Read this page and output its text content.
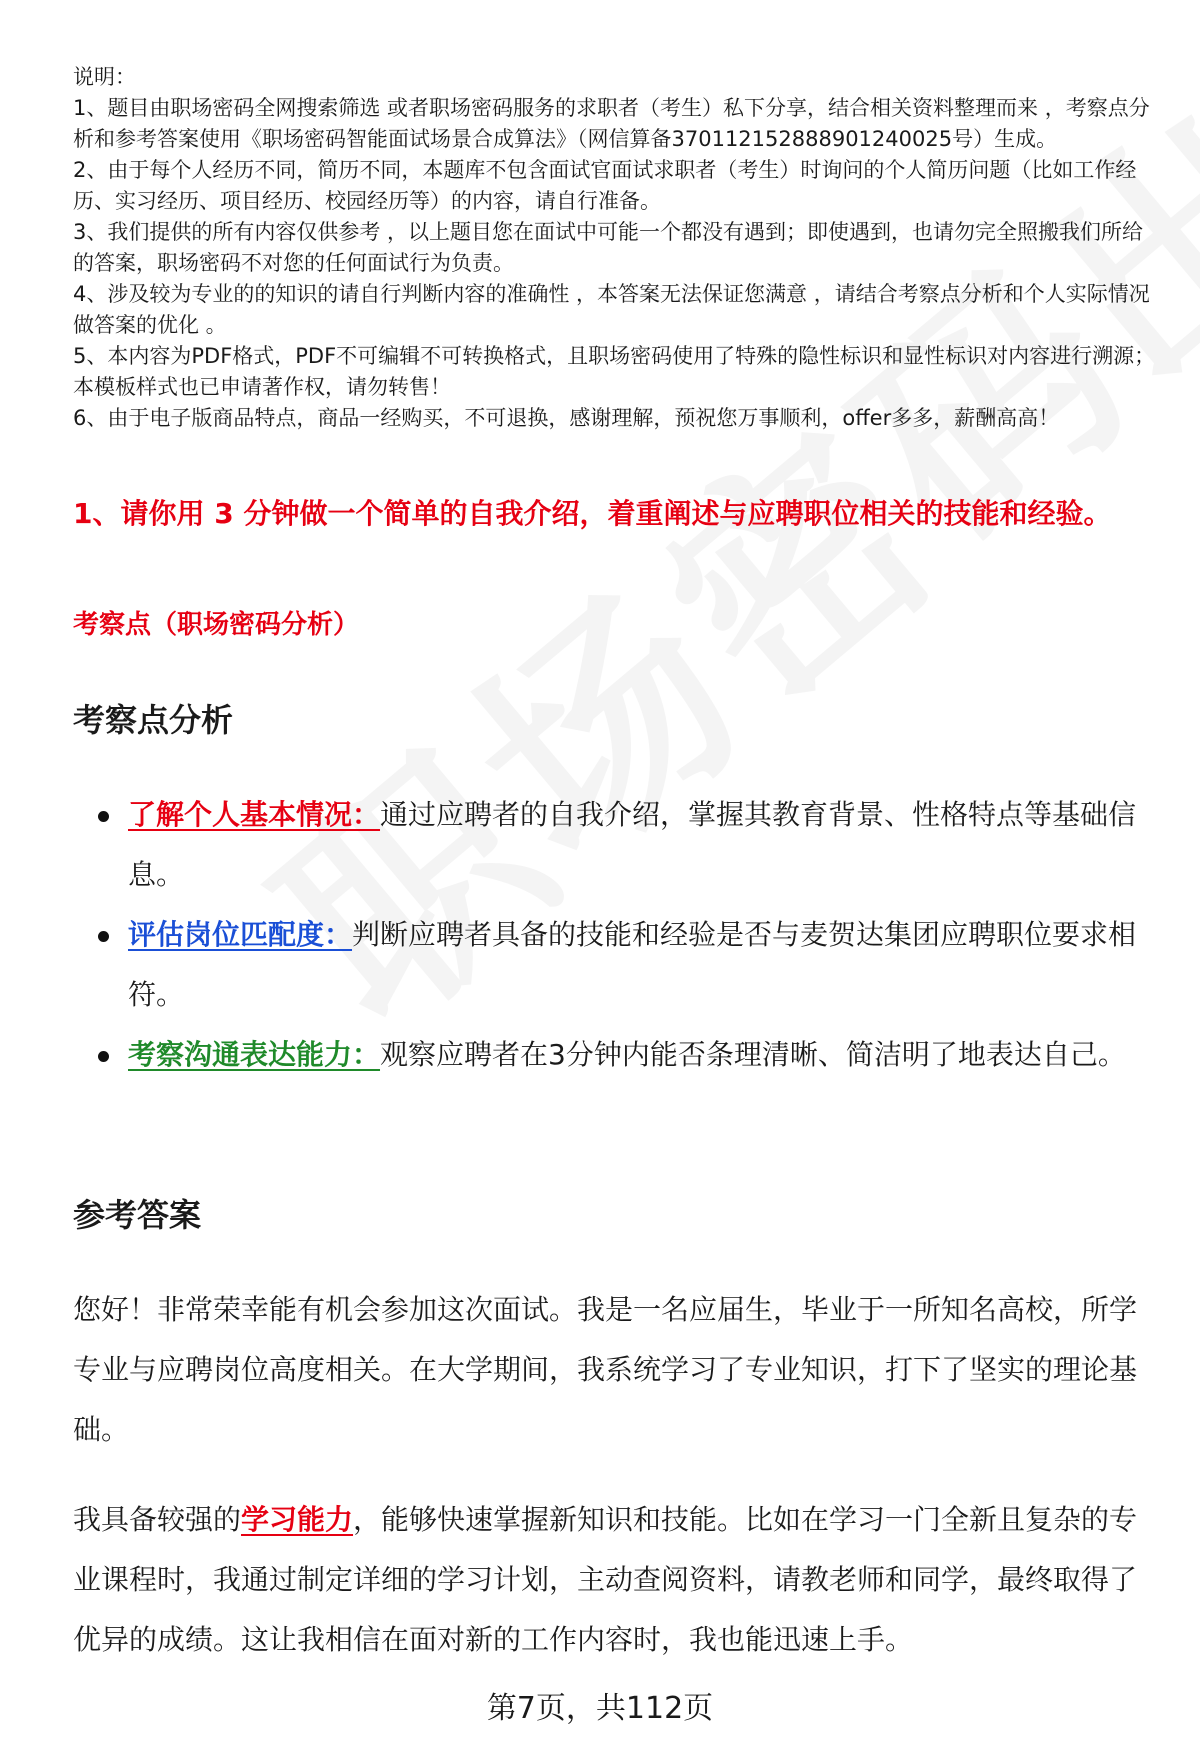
说明：

1、题目由职场密码全网搜索筛选 或者职场密码服务的求职者（考生）私下分享，结合相关资料整理而来 ，考察点分析和参考答案使用《职场密码智能面试场景合成算法》（网信算备370112152888901240025号）生成。

2、由于每个人经历不同，简历不同，本题库不包含面试官面试求职者（考生）时询问的个人简历问题（比如工作经历、实习经历、项目经历、校园经历等）的内容，请自行准备。

3、我们提供的所有内容仅供参考 ，以上题目您在面试中可能一个都没有遇到；即使遇到，也请勿完全照搬我们所给的答案，职场密码不对您的任何面试行为负责。

4、涉及较为专业的的知识的请自行判断内容的准确性 ，本答案无法保证您满意 ，请结合考察点分析和个人实际情况做答案的优化 。

5、本内容为PDF格式，PDF不可编辑不可转换格式，且职场密码使用了特殊的隐性标识和显性标识对内容进行溯源；本模板样式也已申请著作权，请勿转售！

6、由于电子版商品特点，商品一经购买，不可退换，感谢理解，预祝您万事顺利，offer多多，薪酬高高！

1、请你用 3 分钟做一个简单的自我介绍，着重阐述与应聘职位相关的技能和经验。

考察点（职场密码分析）

考察点分析
了解个人基本情况：通过应聘者的自我介绍，掌握其教育背景、性格特点等基础信息。
评估岗位匹配度：判断应聘者具备的技能和经验是否与麦贺达集团应聘职位要求相符。
考察沟通表达能力：观察应聘者在3分钟内能否条理清晰、简洁明了地表达自己。
参考答案

您好！非常荣幸能有机会参加这次面试。我是一名应届生，毕业于一所知名高校，所学专业与应聘岗位高度相关。在大学期间，我系统学习了专业知识，打下了坚实的理论基础。

我具备较强的学习能力，能够快速掌握新知识和技能。比如在学习一门全新且复杂的专业课程时，我通过制定详细的学习计划，主动查阅资料，请教老师和同学，最终取得了优异的成绩。这让我相信在面对新的工作内容时，我也能迅速上手。

第7页，共112页
